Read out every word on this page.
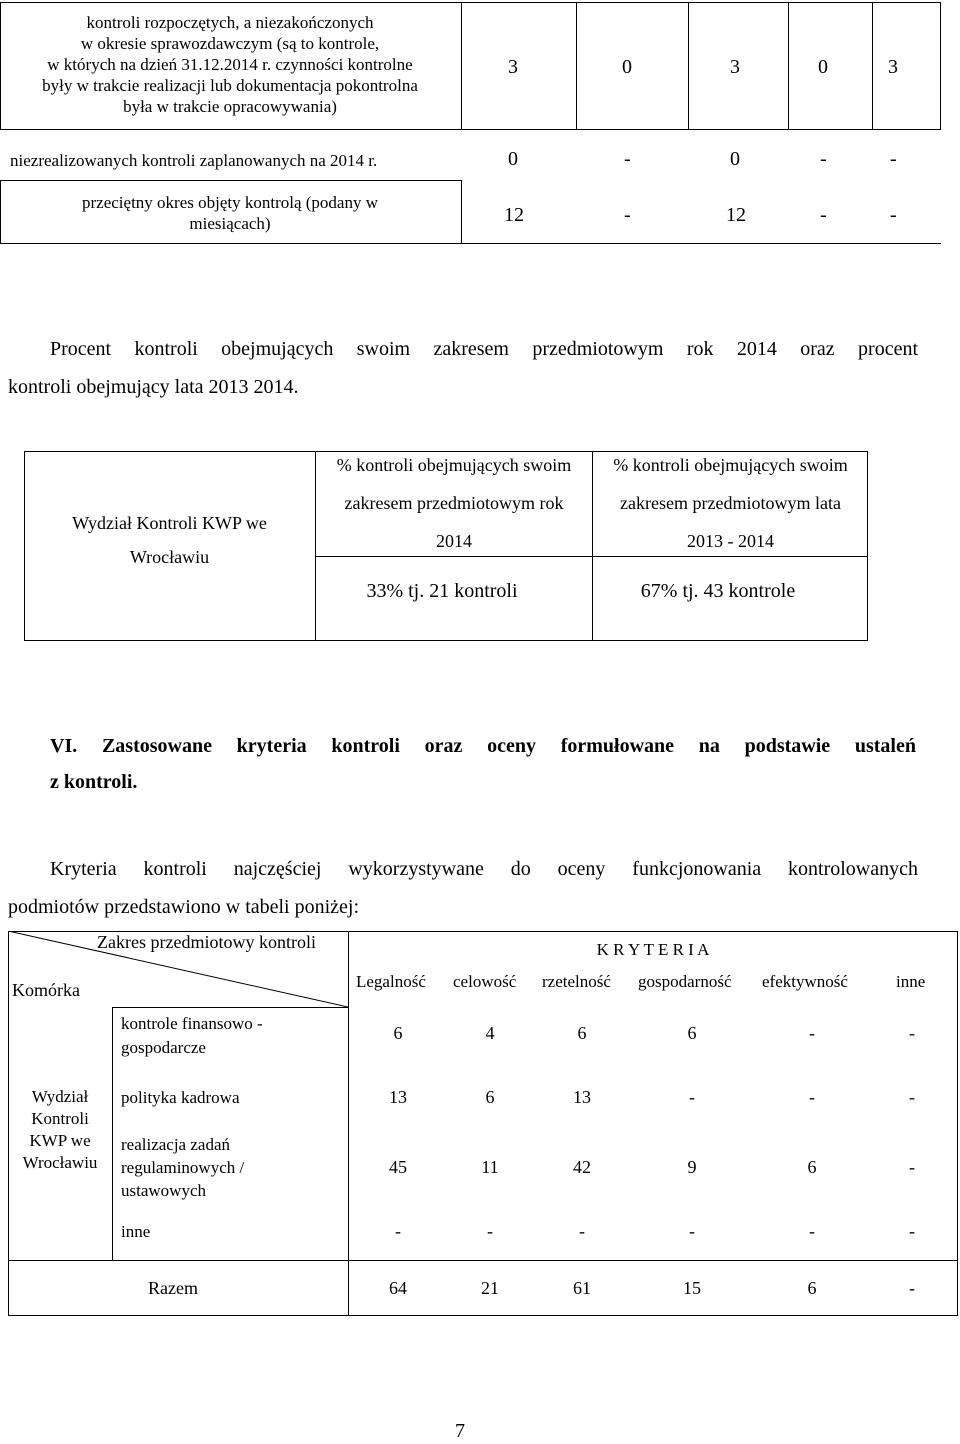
kontroli rozpoczętych, a niezakończonych
w okresie sprawozdawczym (są to kontrole,
w których na dzień 31.12.2014 r. czynności kontrolne
były w trakcie realizacji lub dokumentacja pokontrolna
była w trakcie opracowywania)
3	0	3	0	3
niezrealizowanych kontroli zaplanowanych na 2014 r.	0	-	0	-	-
przeciętny okres objęty kontrolą (podany w
miesiącach)	12	-	12	-	-
Procent kontroli obejmujących swoim zakresem przedmiotowym rok 2014 oraz procent
kontroli obejmujący lata 2013 2014.
Wydział Kontroli KWP we
Wrocławiu
% kontroli obejmujących swoim
zakresem przedmiotowym rok
2014
% kontroli obejmujących swoim
zakresem przedmiotowym lata
2013 - 2014
33% tj. 21 kontroli	67% tj. 43 kontrole
VI. Zastosowane kryteria kontroli oraz oceny formułowane na podstawie ustaleń
z kontroli.
Kryteria kontroli najczęściej wykorzystywane do oceny funkcjonowania kontrolowanych
podmiotów przedstawiono w tabeli poniżej:
Zakres przedmiotowy kontroli
Komórka
K R Y T E R I A
Legalność celowość rzetelność gospodarność efektywność	inne
Wydział
Kontroli
KWP we
Wrocławiu
kontrole finansowo -
gospodarcze
6	4	6	6	-	-
polityka kadrowa	13	6	13	-	-	-
realizacja zadań
regulaminowych /
ustawowych
45	11	42	9	6	-
inne	-	-	-	-	-	-
Razem	64	21	61	15	6	-
7
